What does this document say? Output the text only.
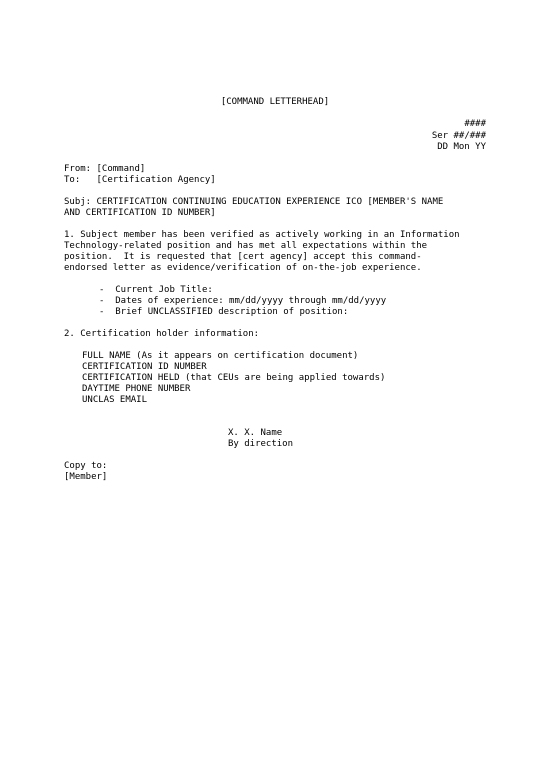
[COMMAND LETTERHEAD]
####
Ser ##/###
DD Mon YY
From: [Command]
To:   [Certification Agency]
Subj: CERTIFICATION CONTINUING EDUCATION EXPERIENCE ICO [MEMBER'S NAME
AND CERTIFICATION ID NUMBER]
1. Subject member has been verified as actively working in an Information
Technology-related position and has met all expectations within the
position.  It is requested that [cert agency] accept this command-
endorsed letter as evidence/verification of on-the-job experience.
-  Current Job Title:
-  Dates of experience: mm/dd/yyyy through mm/dd/yyyy
-  Brief UNCLASSIFIED description of position:
2. Certification holder information:
FULL NAME (As it appears on certification document)
CERTIFICATION ID NUMBER
CERTIFICATION HELD (that CEUs are being applied towards)
DAYTIME PHONE NUMBER
UNCLAS EMAIL
X. X. Name
By direction
Copy to:
[Member]
